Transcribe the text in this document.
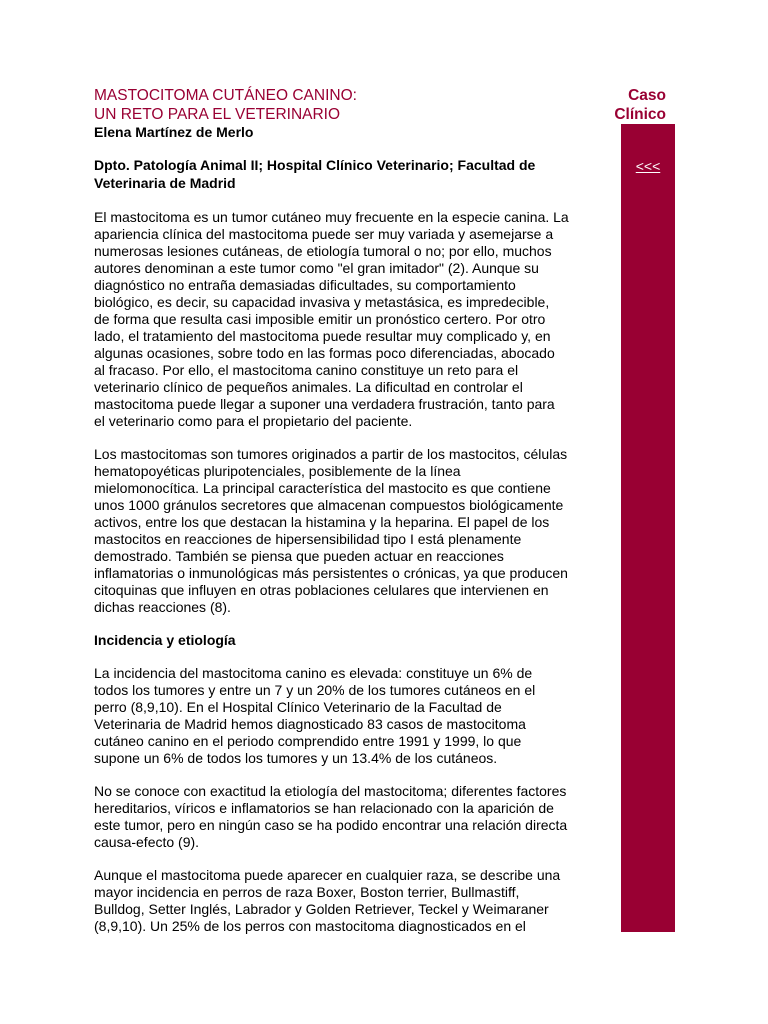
MASTOCITOMA CUTÁNEO CANINO:
UN RETO PARA EL VETERINARIO
Caso
Clínico
<<<

Elena Martínez de Merlo

Dpto. Patología Animal II; Hospital Clínico Veterinario; Facultad de
Veterinaria de Madrid

El mastocitoma es un tumor cutáneo muy frecuente en la especie canina. La
apariencia clínica del mastocitoma puede ser muy variada y asemejarse a
numerosas lesiones cutáneas, de etiología tumoral o no; por ello, muchos
autores denominan a este tumor como "el gran imitador" (2). Aunque su
diagnóstico no entraña demasiadas dificultades, su comportamiento
biológico, es decir, su capacidad invasiva y metastásica, es impredecible,
de forma que resulta casi imposible emitir un pronóstico certero. Por otro
lado, el tratamiento del mastocitoma puede resultar muy complicado y, en
algunas ocasiones, sobre todo en las formas poco diferenciadas, abocado
al fracaso. Por ello, el mastocitoma canino constituye un reto para el
veterinario clínico de pequeños animales. La dificultad en controlar el
mastocitoma puede llegar a suponer una verdadera frustración, tanto para
el veterinario como para el propietario del paciente.

Los mastocitomas son tumores originados a partir de los mastocitos, células
hematopoyéticas pluripotenciales, posiblemente de la línea
mielomonocítica. La principal característica del mastocito es que contiene
unos 1000 gránulos secretores que almacenan compuestos biológicamente
activos, entre los que destacan la histamina y la heparina. El papel de los
mastocitos en reacciones de hipersensibilidad tipo I está plenamente
demostrado. También se piensa que pueden actuar en reacciones
inflamatorias o inmunológicas más persistentes o crónicas, ya que producen
citoquinas que influyen en otras poblaciones celulares que intervienen en
dichas reacciones (8).

Incidencia y etiología

La incidencia del mastocitoma canino es elevada: constituye un 6% de
todos los tumores y entre un 7 y un 20% de los tumores cutáneos en el
perro (8,9,10). En el Hospital Clínico Veterinario de la Facultad de
Veterinaria de Madrid hemos diagnosticado 83 casos de mastocitoma
cutáneo canino en el periodo comprendido entre 1991 y 1999, lo que
supone un 6% de todos los tumores y un 13.4% de los cutáneos.

No se conoce con exactitud la etiología del mastocitoma; diferentes factores
hereditarios, víricos e inflamatorios se han relacionado con la aparición de
este tumor, pero en ningún caso se ha podido encontrar una relación directa
causa-efecto (9).

Aunque el mastocitoma puede aparecer en cualquier raza, se describe una
mayor incidencia en perros de raza Boxer, Boston terrier, Bullmastiff,
Bulldog, Setter Inglés, Labrador y Golden Retriever, Teckel y Weimaraner
(8,9,10). Un 25% de los perros con mastocitoma diagnosticados en el
